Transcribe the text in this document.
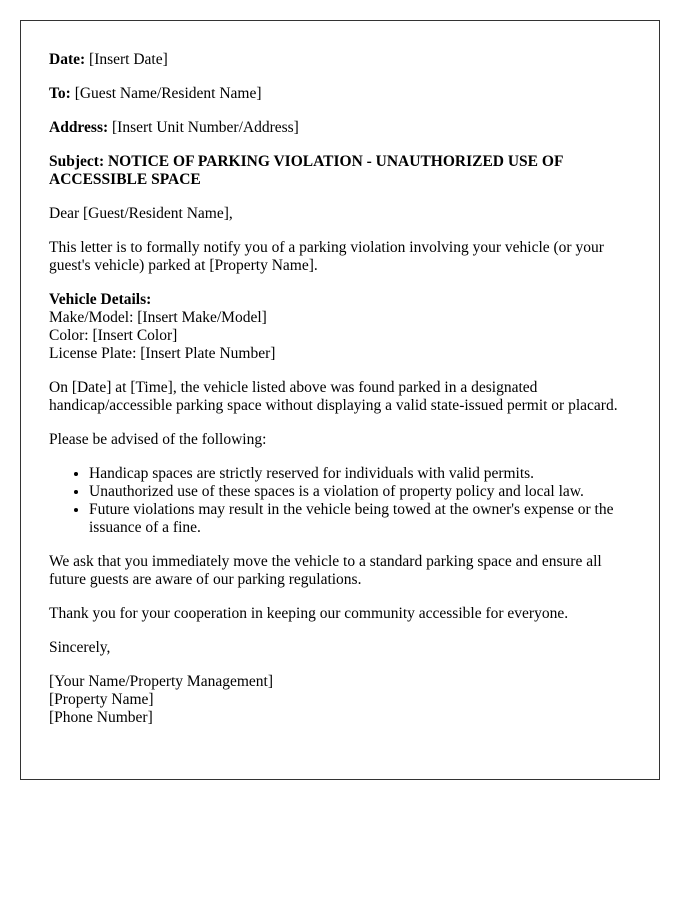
Date: [Insert Date]

To: [Guest Name/Resident Name]

Address: [Insert Unit Number/Address]

Subject: NOTICE OF PARKING VIOLATION - UNAUTHORIZED USE OF ACCESSIBLE SPACE

Dear [Guest/Resident Name],

This letter is to formally notify you of a parking violation involving your vehicle (or your guest's vehicle) parked at [Property Name].

Vehicle Details:
Make/Model: [Insert Make/Model]
Color: [Insert Color]
License Plate: [Insert Plate Number]

On [Date] at [Time], the vehicle listed above was found parked in a designated handicap/accessible parking space without displaying a valid state-issued permit or placard.

Please be advised of the following:

• Handicap spaces are strictly reserved for individuals with valid permits.
• Unauthorized use of these spaces is a violation of property policy and local law.
• Future violations may result in the vehicle being towed at the owner's expense or the issuance of a fine.

We ask that you immediately move the vehicle to a standard parking space and ensure all future guests are aware of our parking regulations.

Thank you for your cooperation in keeping our community accessible for everyone.

Sincerely,

[Your Name/Property Management]
[Property Name]
[Phone Number]
